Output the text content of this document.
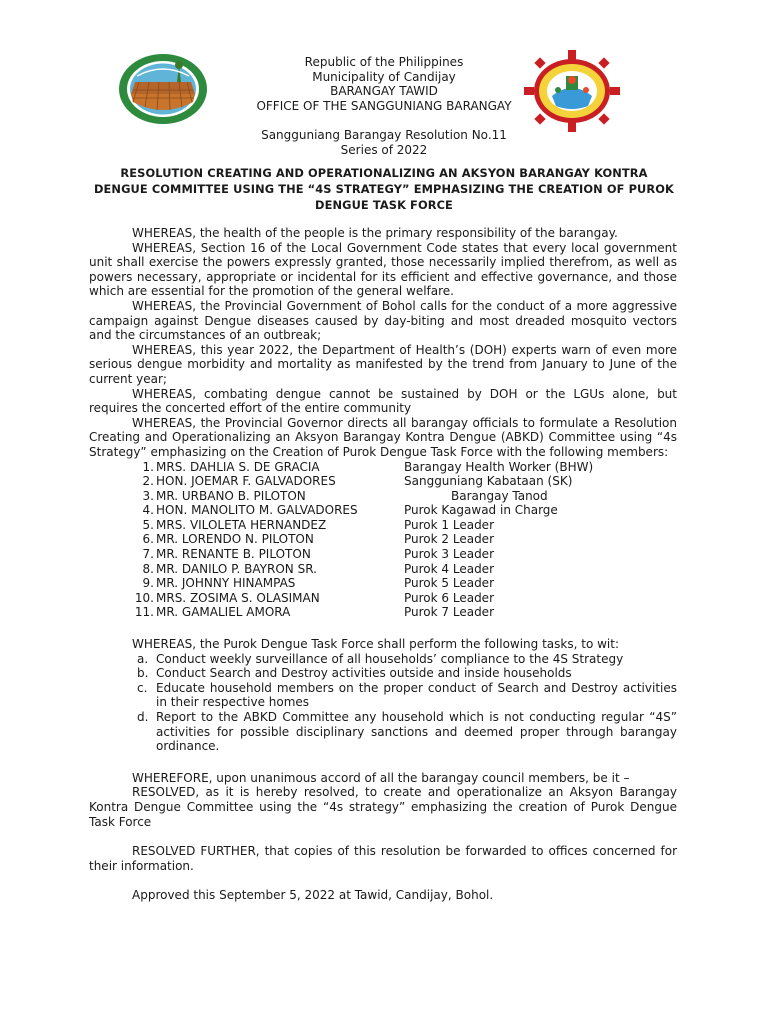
Republic of the Philippines
Municipality of Candijay
BARANGAY TAWID
OFFICE OF THE SANGGUNIANG BARANGAY
Sangguniang Barangay Resolution No.11
Series of 2022
RESOLUTION CREATING AND OPERATIONALIZING AN AKSYON BARANGAY KONTRA DENGUE COMMITTEE USING THE “4S STRATEGY” EMPHASIZING THE CREATION OF PUROK DENGUE TASK FORCE

WHEREAS, the health of the people is the primary responsibility of the barangay.

WHEREAS, Section 16 of the Local Government Code states that every local government unit shall exercise the powers expressly granted, those necessarily implied therefrom, as well as powers necessary, appropriate or incidental for its efficient and effective governance, and those which are essential for the promotion of the general welfare.

WHEREAS, the Provincial Government of Bohol calls for the conduct of a more aggressive campaign against Dengue diseases caused by day-biting and most dreaded mosquito vectors and the circumstances of an outbreak;

WHEREAS, this year 2022, the Department of Health’s (DOH) experts warn of even more serious dengue morbidity and mortality as manifested by the trend from January to June of the current year;

WHEREAS, combating dengue cannot be sustained by DOH or the LGUs alone, but requires the concerted effort of the entire community

WHEREAS, the Provincial Governor directs all barangay officials to formulate a Resolution Creating and Operationalizing an Aksyon Barangay Kontra Dengue (ABKD) Committee using “4s Strategy” emphasizing on the Creation of Purok Dengue Task Force with the following members:

1. MRS. DAHLIA S. DE GRACIA	Barangay Health Worker (BHW)
2. HON. JOEMAR F. GALVADORES	Sangguniang Kabataan (SK)
3. MR. URBANO B. PILOTON	Barangay Tanod
4. HON. MANOLITO M. GALVADORES	Purok Kagawad in Charge
5. MRS. VILOLETA HERNANDEZ	Purok 1 Leader
6. MR. LORENDO N. PILOTON	Purok 2 Leader
7. MR. RENANTE B. PILOTON	Purok 3 Leader
8. MR. DANILO P. BAYRON SR.	Purok 4 Leader
9. MR. JOHNNY HINAMPAS	Purok 5 Leader
10. MRS. ZOSIMA S. OLASIMAN	Purok 6 Leader
11. MR. GAMALIEL AMORA	Purok 7 Leader

WHEREAS, the Purok Dengue Task Force shall perform the following tasks, to wit:

a. Conduct weekly surveillance of all households’ compliance to the 4S Strategy
b. Conduct Search and Destroy activities outside and inside households
c. Educate household members on the proper conduct of Search and Destroy activities in their respective homes
d. Report to the ABKD Committee any household which is not conducting regular “4S” activities for possible disciplinary sanctions and deemed proper through barangay ordinance.

WHEREFORE, upon unanimous accord of all the barangay council members, be it –

RESOLVED, as it is hereby resolved, to create and operationalize an Aksyon Barangay Kontra Dengue Committee using the “4s strategy” emphasizing the creation of Purok Dengue Task Force

RESOLVED FURTHER, that copies of this resolution be forwarded to offices concerned for their information.

Approved this September 5, 2022 at Tawid, Candijay, Bohol.
